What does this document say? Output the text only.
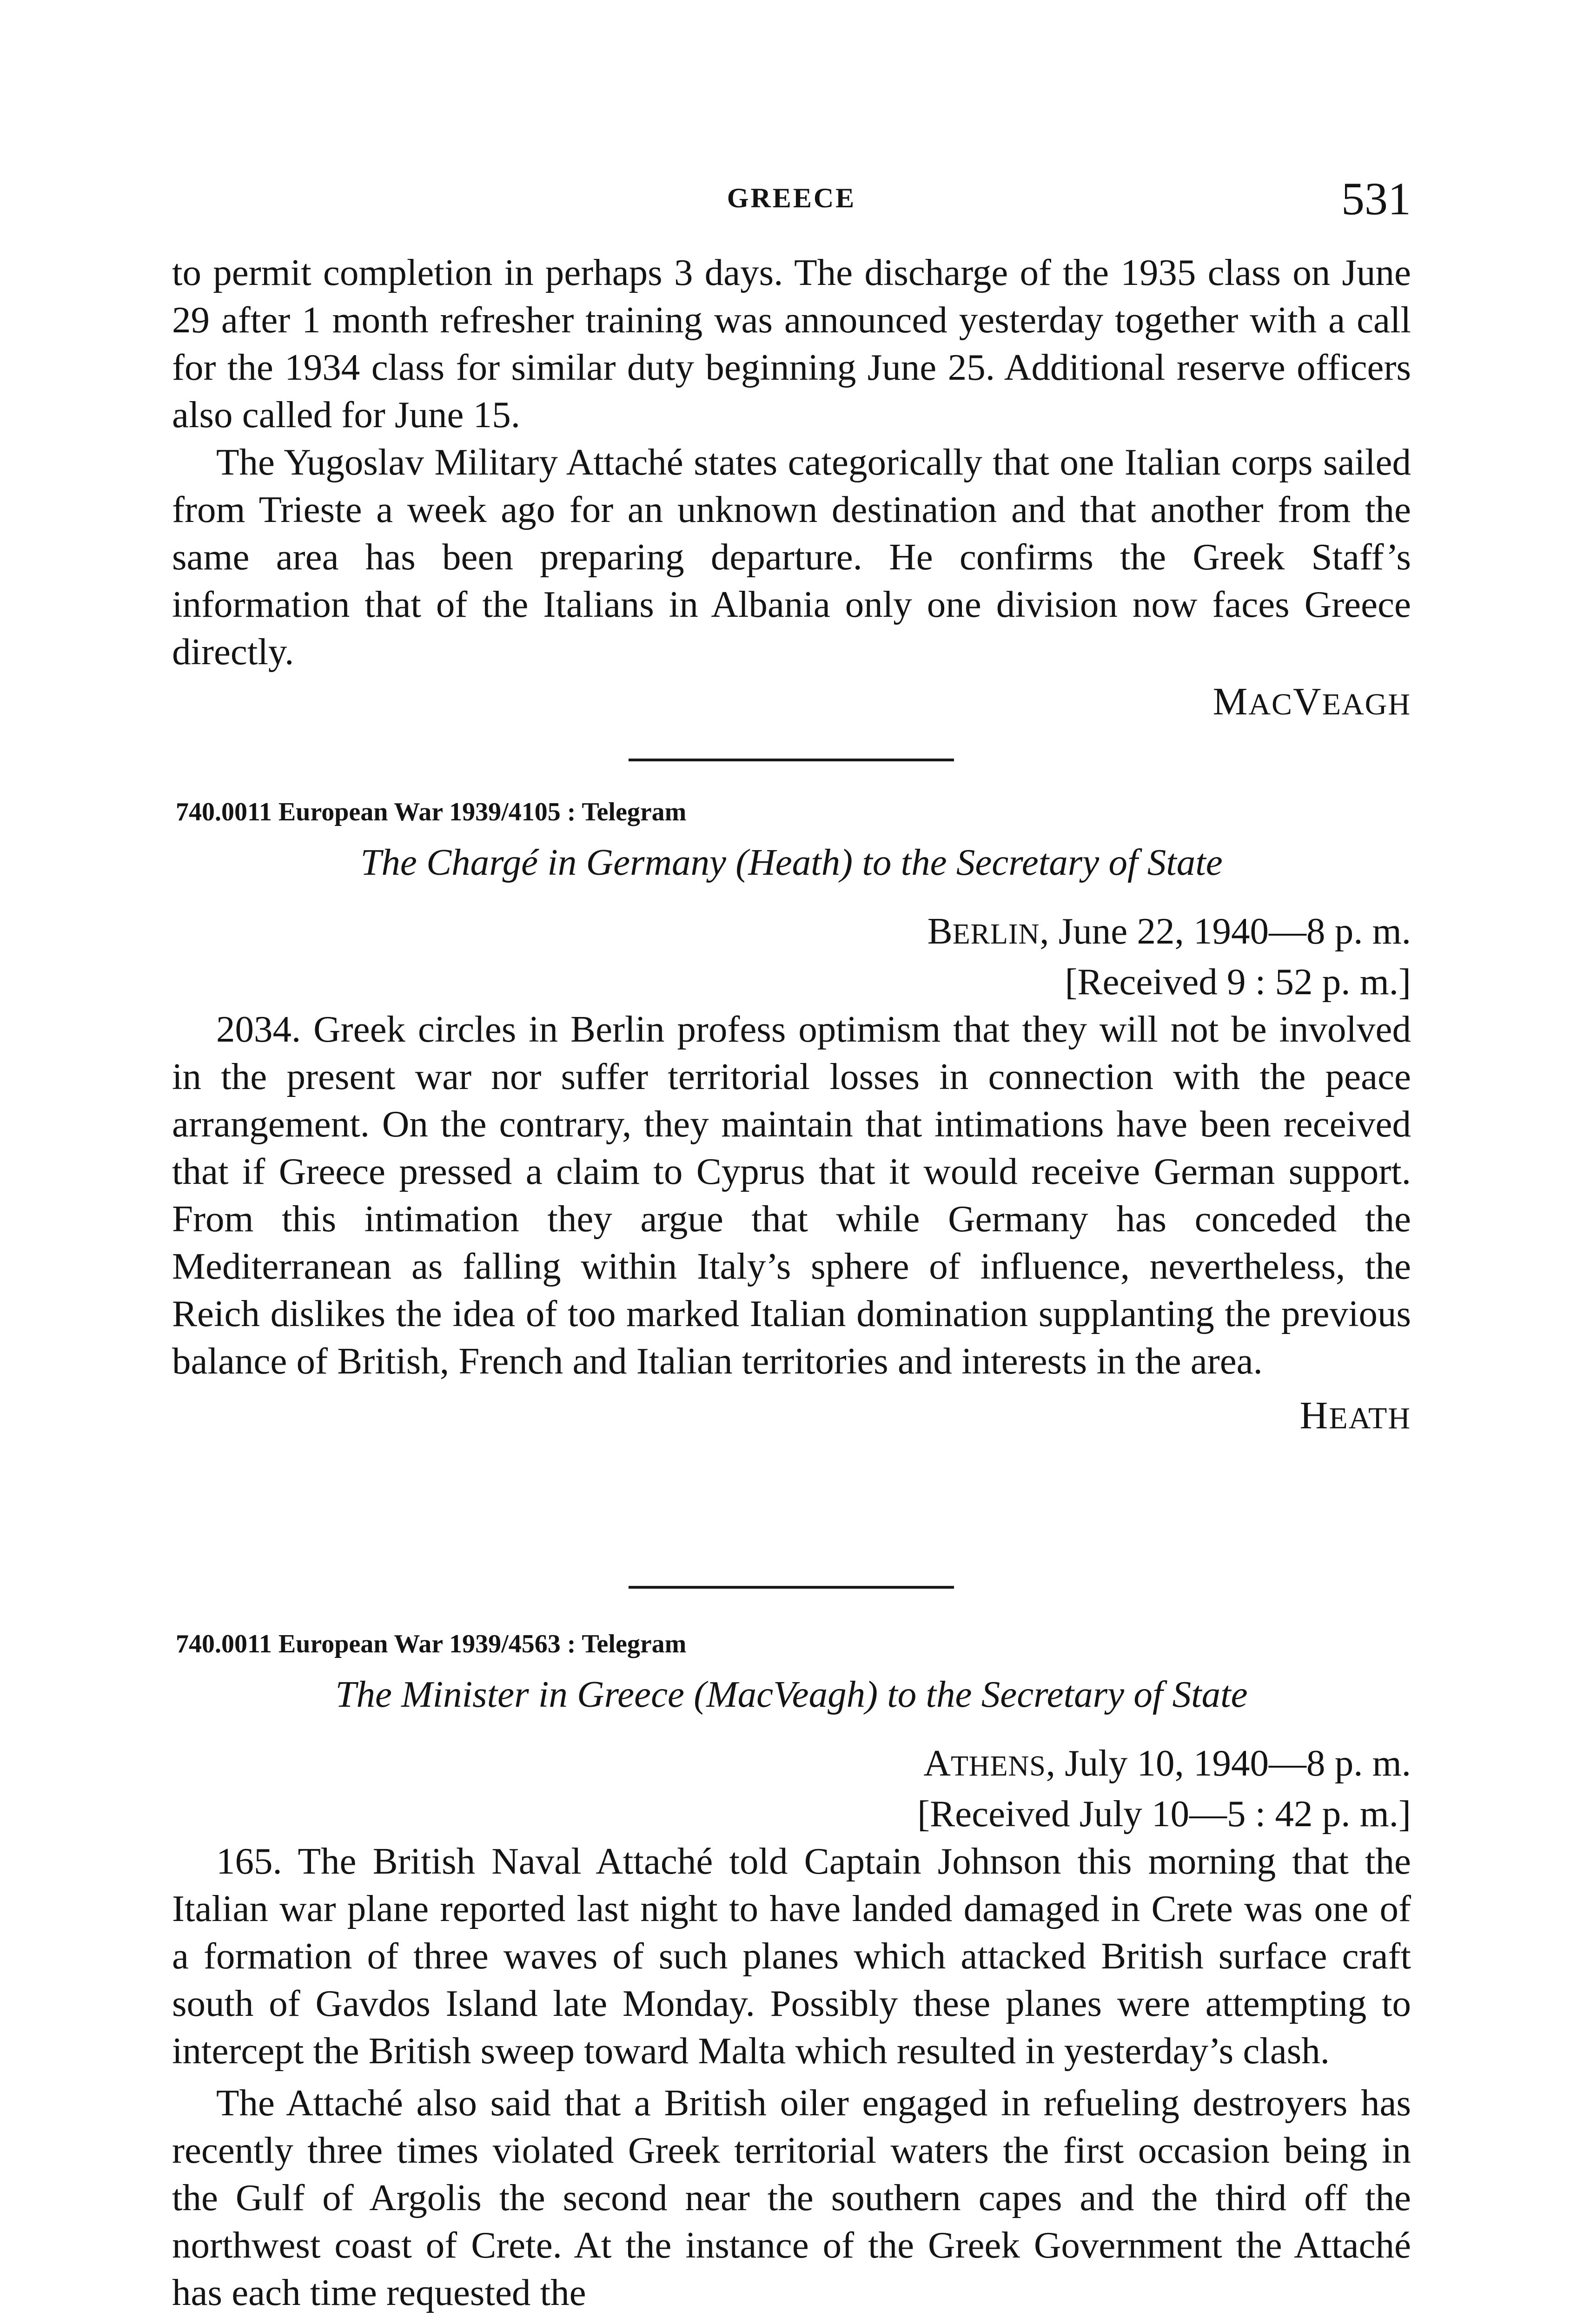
GREECE	531

to permit completion in perhaps 3 days. The discharge of the 1935 class on June 29 after 1 month refresher training was announced yesterday together with a call for the 1934 class for similar duty beginning June 25. Additional reserve officers also called for June 15.

The Yugoslav Military Attaché states categorically that one Italian corps sailed from Trieste a week ago for an unknown destination and that another from the same area has been preparing departure. He confirms the Greek Staff’s information that of the Italians in Albania only one division now faces Greece directly.

MACVEAGH

740.0011 European War 1939/4105 : Telegram

The Chargé in Germany (Heath) to the Secretary of State

BERLIN, June 22, 1940—8 p. m.

[Received 9 : 52 p. m.]

2034. Greek circles in Berlin profess optimism that they will not be involved in the present war nor suffer territorial losses in connection with the peace arrangement. On the contrary, they maintain that intimations have been received that if Greece pressed a claim to Cyprus that it would receive German support. From this intimation they argue that while Germany has conceded the Mediterranean as falling within Italy’s sphere of influence, nevertheless, the Reich dislikes the idea of too marked Italian domination supplanting the previous balance of British, French and Italian territories and interests in the area.

HEATH

740.0011 European War 1939/4563 : Telegram

The Minister in Greece (MacVeagh) to the Secretary of State

ATHENS, July 10, 1940—8 p. m.

[Received July 10—5 : 42 p. m.]

165. The British Naval Attaché told Captain Johnson this morning that the Italian war plane reported last night to have landed damaged in Crete was one of a formation of three waves of such planes which attacked British surface craft south of Gavdos Island late Monday. Possibly these planes were attempting to intercept the British sweep toward Malta which resulted in yesterday’s clash.

The Attaché also said that a British oiler engaged in refueling destroyers has recently three times violated Greek territorial waters the first occasion being in the Gulf of Argolis the second near the southern capes and the third off the northwest coast of Crete. At the instance of the Greek Government the Attaché has each time requested the
